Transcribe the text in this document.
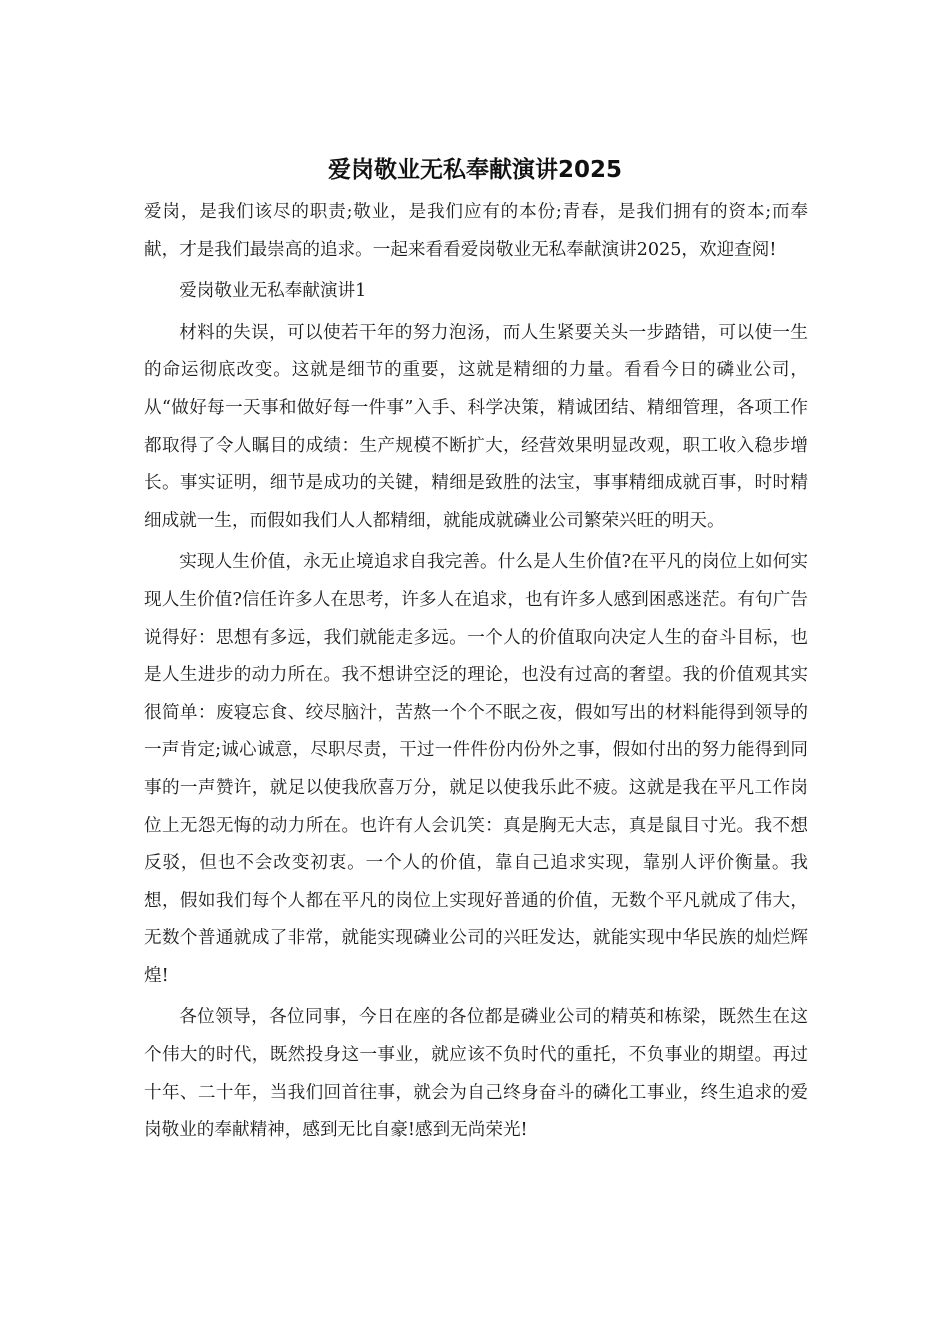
爱岗敬业无私奉献演讲2025

爱岗，是我们该尽的职责;敬业，是我们应有的本份;青春，是我们拥有的资本;而奉献，才是我们最崇高的追求。一起来看看爱岗敬业无私奉献演讲2025，欢迎查阅!

爱岗敬业无私奉献演讲1

材料的失误，可以使若干年的努力泡汤，而人生紧要关头一步踏错，可以使一生的命运彻底改变。这就是细节的重要，这就是精细的力量。看看今日的磷业公司，从“做好每一天事和做好每一件事”入手、科学决策，精诚团结、精细管理，各项工作都取得了令人瞩目的成绩：生产规模不断扩大，经营效果明显改观，职工收入稳步增长。事实证明，细节是成功的关键，精细是致胜的法宝，事事精细成就百事，时时精细成就一生，而假如我们人人都精细，就能成就磷业公司繁荣兴旺的明天。

实现人生价值，永无止境追求自我完善。什么是人生价值?在平凡的岗位上如何实现人生价值?信任许多人在思考，许多人在追求，也有许多人感到困惑迷茫。有句广告说得好：思想有多远，我们就能走多远。一个人的价值取向决定人生的奋斗目标，也是人生进步的动力所在。我不想讲空泛的理论，也没有过高的奢望。我的价值观其实很简单：废寝忘食、绞尽脑汁，苦熬一个个不眠之夜，假如写出的材料能得到领导的一声肯定;诚心诚意，尽职尽责，干过一件件份内份外之事，假如付出的努力能得到同事的一声赞许，就足以使我欣喜万分，就足以使我乐此不疲。这就是我在平凡工作岗位上无怨无悔的动力所在。也许有人会讥笑：真是胸无大志，真是鼠目寸光。我不想反驳，但也不会改变初衷。一个人的价值，靠自己追求实现，靠别人评价衡量。我想，假如我们每个人都在平凡的岗位上实现好普通的价值，无数个平凡就成了伟大，无数个普通就成了非常，就能实现磷业公司的兴旺发达，就能实现中华民族的灿烂辉煌!

各位领导，各位同事，今日在座的各位都是磷业公司的精英和栋梁，既然生在这个伟大的时代，既然投身这一事业，就应该不负时代的重托，不负事业的期望。再过十年、二十年，当我们回首往事，就会为自己终身奋斗的磷化工事业，终生追求的爱岗敬业的奉献精神，感到无比自豪!感到无尚荣光!
